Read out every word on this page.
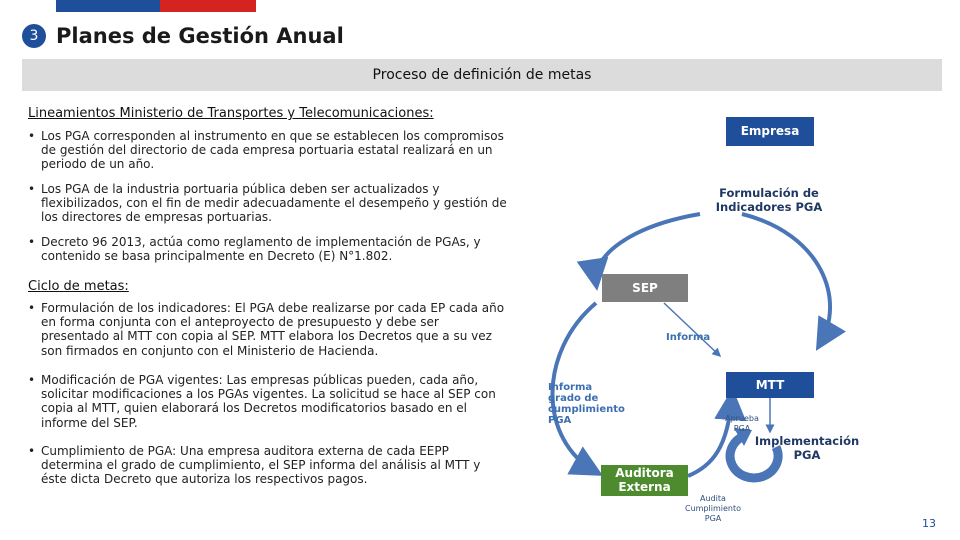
3 Planes de Gestión Anual
Proceso de definición de metas
Lineamientos Ministerio de Transportes y Telecomunicaciones:
• Los PGA corresponden al instrumento en que se establecen los compromisos
de gestión del directorio de cada empresa portuaria estatal realizará en un
periodo de un año.
• Los PGA de la industria portuaria pública deben ser actualizados y
flexibilizados, con el fin de medir adecuadamente el desempeño y gestión de
los directores de empresas portuarias.
• Decreto 96 2013, actúa como reglamento de implementación de PGAs, y
contenido se basa principalmente en Decreto (E) N°1.802.
Ciclo de metas:
• Formulación de los indicadores: El PGA debe realizarse por cada EP cada año
en forma conjunta con el anteproyecto de presupuesto y debe ser
presentado al MTT con copia al SEP. MTT elabora los Decretos que a su vez
son firmados en conjunto con el Ministerio de Hacienda.
• Modificación de PGA vigentes: Las empresas públicas pueden, cada año,
solicitar modificaciones a los PGAs vigentes. La solicitud se hace al SEP con
copia al MTT, quien elaborará los Decretos modificatorios basado en el
informe del SEP.
• Cumplimiento de PGA: Una empresa auditora externa de cada EEPP
determina el grado de cumplimiento, el SEP informa del análisis al MTT y
éste dicta Decreto que autoriza los respectivos pagos.
Empresa
Formulación de
Indicadores PGA
SEP
Informa
Informa
grado de
cumplimiento
PGA
MTT
Aprueba
PGA
Implementación
PGA
Auditora
Externa
Audita
Cumplimiento
PGA	13
